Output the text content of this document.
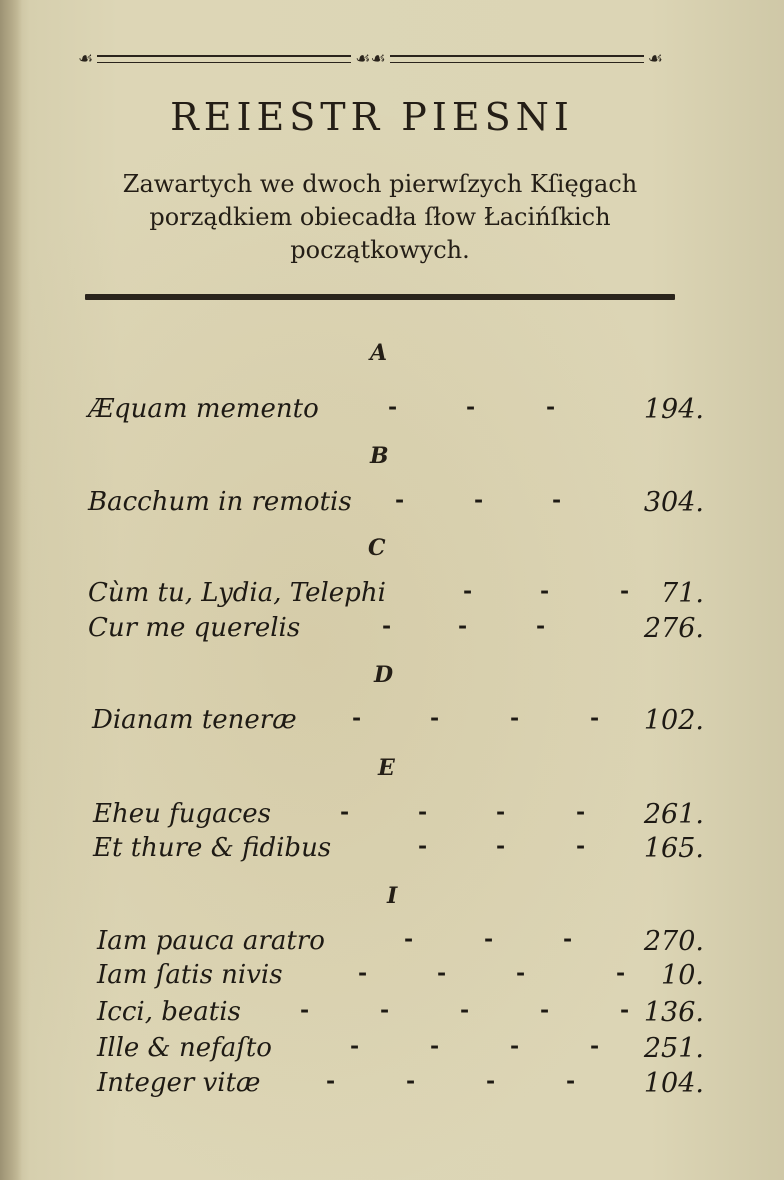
☙	☙ ☙	☙
REIESTR PIESNI
Zawartych we dwoch pierwſzych Kſięgach
porządkiem obiecadła ſłow Łacińſkich
początkowych.
A
Æquam memento	-	-	-	194.
B
Bacchum in remotis -	-	-	304.
C
Cùm tu, Lydia, Telephi	-	-	- 71.
Cur me querelis	-	-	-	276.
D
Dianam teneræ	-	-	-	- 102.
E
Eheu fugaces	-	-	-	- 261.
Et thure & fidibus	-	-	- 165.
I
Iam pauca aratro	-	-	-	270.
Iam ſatis nivis	-	-	-	- 10.
Icci, beatis	-	-	-	-	- 136.
Ille & nefaſto	-	-	-	- 251.
Integer vitæ	-	-	-	-	104.
